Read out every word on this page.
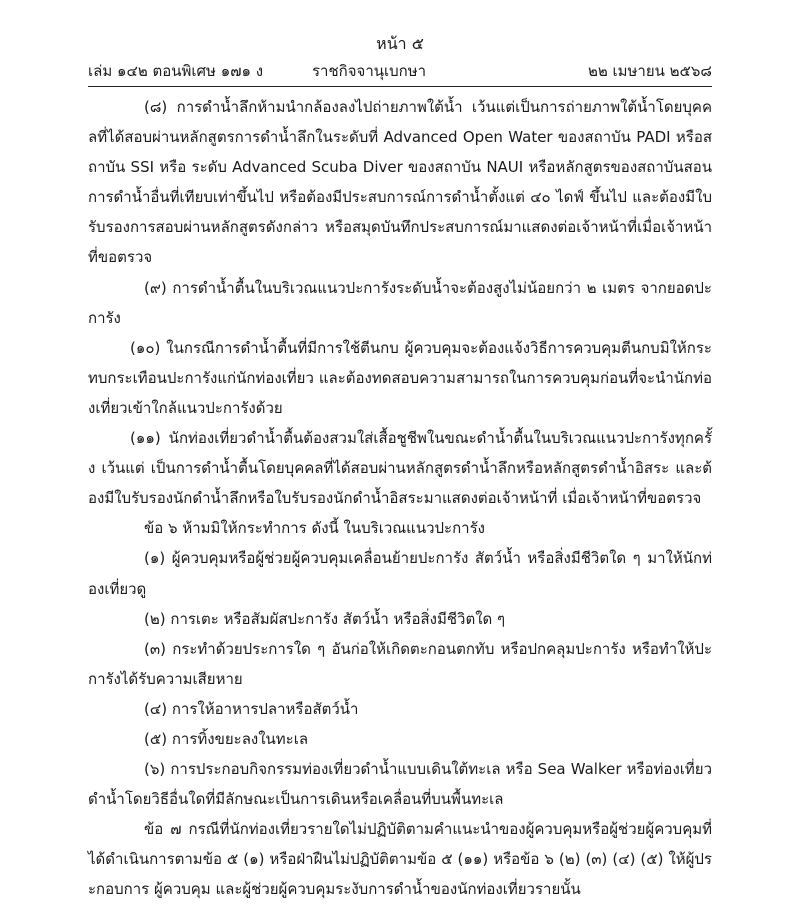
หน้า ๕
เล่ม ๑๔๒ ตอนพิเศษ ๑๗๑ ง	ราชกิจจานุเบกษา	๒๒ เมษายน ๒๕๖๘

(๘) การดำน้ำลึกห้ามนำกล้องลงไปถ่ายภาพใต้น้ำ เว้นแต่เป็นการถ่ายภาพใต้น้ำโดยบุคคลที่ได้สอบผ่านหลักสูตรการดำน้ำลึกในระดับที่ Advanced Open Water ของสถาบัน PADI หรือสถาบัน SSI หรือ ระดับ Advanced Scuba Diver ของสถาบัน NAUI หรือหลักสูตรของสถาบันสอนการดำน้ำอื่นที่เทียบเท่าขึ้นไป หรือต้องมีประสบการณ์การดำน้ำตั้งแต่ ๔๐ ไดฟ์ ขึ้นไป และต้องมีใบรับรองการสอบผ่านหลักสูตรดังกล่าว หรือสมุดบันทึกประสบการณ์มาแสดงต่อเจ้าหน้าที่เมื่อเจ้าหน้าที่ขอตรวจ

(๙) การดำน้ำตื้นในบริเวณแนวปะการังระดับน้ำจะต้องสูงไม่น้อยกว่า ๒ เมตร จากยอดปะการัง

(๑๐) ในกรณีการดำน้ำตื้นที่มีการใช้ตีนกบ ผู้ควบคุมจะต้องแจ้งวิธีการควบคุมตีนกบมิให้กระทบกระเทือนปะการังแก่นักท่องเที่ยว และต้องทดสอบความสามารถในการควบคุมก่อนที่จะนำนักท่องเที่ยวเข้าใกล้แนวปะการังด้วย

(๑๑) นักท่องเที่ยวดำน้ำตื้นต้องสวมใส่เสื้อชูชีพในขณะดำน้ำตื้นในบริเวณแนวปะการังทุกครั้ง เว้นแต่ เป็นการดำน้ำตื้นโดยบุคคลที่ได้สอบผ่านหลักสูตรดำน้ำลึกหรือหลักสูตรดำน้ำอิสระ และต้องมีใบรับรองนักดำน้ำลึกหรือใบรับรองนักดำน้ำอิสระมาแสดงต่อเจ้าหน้าที่ เมื่อเจ้าหน้าที่ขอตรวจ

ข้อ ๖ ห้ามมิให้กระทำการ ดังนี้ ในบริเวณแนวปะการัง

(๑) ผู้ควบคุมหรือผู้ช่วยผู้ควบคุมเคลื่อนย้ายปะการัง สัตว์น้ำ หรือสิ่งมีชีวิตใด ๆ มาให้นักท่องเที่ยวดู

(๒) การเตะ หรือสัมผัสปะการัง สัตว์น้ำ หรือสิ่งมีชีวิตใด ๆ

(๓) กระทำด้วยประการใด ๆ อันก่อให้เกิดตะกอนตกทับ หรือปกคลุมปะการัง หรือทำให้ปะการังได้รับความเสียหาย

(๔) การให้อาหารปลาหรือสัตว์น้ำ

(๕) การทิ้งขยะลงในทะเล

(๖) การประกอบกิจกรรมท่องเที่ยวดำน้ำแบบเดินใต้ทะเล หรือ Sea Walker หรือท่องเที่ยวดำน้ำโดยวิธีอื่นใดที่มีลักษณะเป็นการเดินหรือเคลื่อนที่บนพื้นทะเล

ข้อ ๗ กรณีที่นักท่องเที่ยวรายใดไม่ปฏิบัติตามคำแนะนำของผู้ควบคุมหรือผู้ช่วยผู้ควบคุมที่ได้ดำเนินการตามข้อ ๕ (๑) หรือฝ่าฝืนไม่ปฏิบัติตามข้อ ๕ (๑๑) หรือข้อ ๖ (๒) (๓) (๔) (๕) ให้ผู้ประกอบการ ผู้ควบคุม และผู้ช่วยผู้ควบคุมระงับการดำน้ำของนักท่องเที่ยวรายนั้น
